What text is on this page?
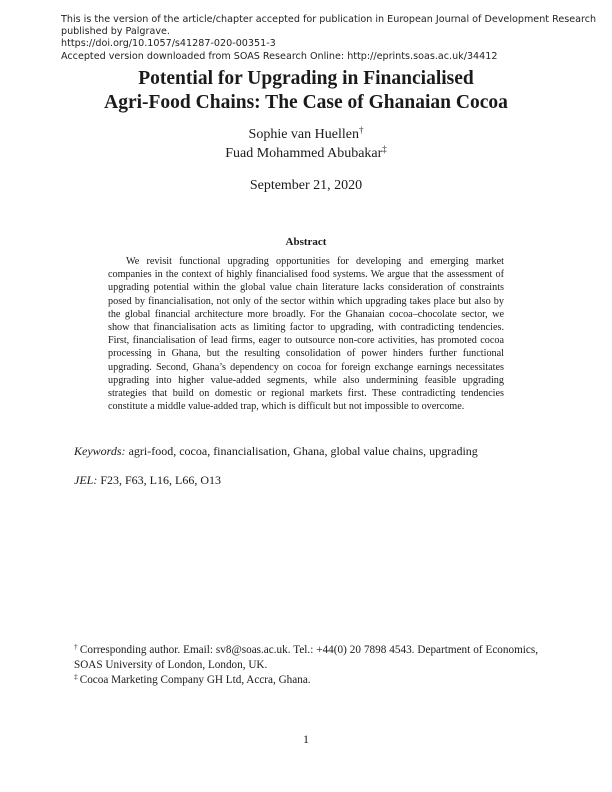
This is the version of the article/chapter accepted for publication in European Journal of Development Research
published by Palgrave.
https://doi.org/10.1057/s41287-020-00351-3
Accepted version downloaded from SOAS Research Online: http://eprints.soas.ac.uk/34412
Potential for Upgrading in Financialised
Agri-Food Chains: The Case of Ghanaian Cocoa
Sophie van Huellen†
Fuad Mohammed Abubakar‡
September 21, 2020
Abstract

We revisit functional upgrading opportunities for developing and emerging market companies in the context of highly financialised food systems. We argue that the assessment of upgrading potential within the global value chain literature lacks consideration of constraints posed by financialisation, not only of the sector within which upgrading takes place but also by the global financial architecture more broadly. For the Ghanaian cocoa–chocolate sector, we show that financialisation acts as limiting factor to upgrading, with contradicting tendencies. First, financialisation of lead firms, eager to outsource non-core activities, has promoted cocoa processing in Ghana, but the resulting consolidation of power hinders further functional upgrading. Second, Ghana’s dependency on cocoa for foreign exchange earnings necessitates upgrading into higher value-added segments, while also undermining feasible upgrading strategies that build on domestic or regional markets first. These contradicting tendencies constitute a middle value-added trap, which is difficult but not impossible to overcome.

Keywords: agri-food, cocoa, financialisation, Ghana, global value chains, upgrading
JEL: F23, F63, L16, L66, O13
† Corresponding author. Email: sv8@soas.ac.uk. Tel.: +44(0) 20 7898 4543. Department of Economics, SOAS University of London, London, UK.
‡ Cocoa Marketing Company GH Ltd, Accra, Ghana.
1
